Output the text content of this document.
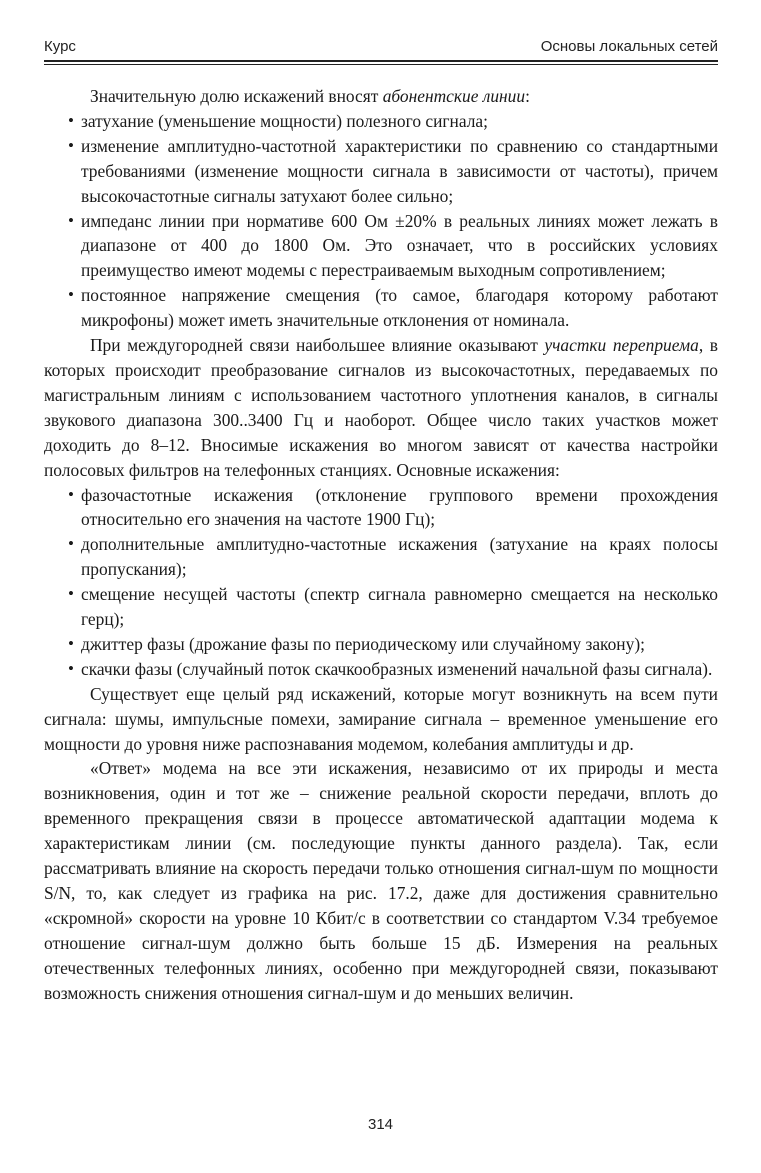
Курс	Основы локальных сетей

Значительную долю искажений вносят абонентские линии:

• затухание (уменьшение мощности) полезного сигнала;
• изменение амплитудно-частотной характеристики по сравнению со стандартными требованиями (изменение мощности сигнала в зависимости от частоты), причем высокочастотные сигналы затухают более сильно;
• импеданс линии при нормативе 600 Ом ±20% в реальных линиях может лежать в диапазоне от 400 до 1800 Ом. Это означает, что в российских условиях преимущество имеют модемы с перестраиваемым выходным сопротивлением;
• постоянное напряжение смещения (то самое, благодаря которому работают микрофоны) может иметь значительные отклонения от номинала.

При междугородней связи наибольшее влияние оказывают участки переприема, в которых происходит преобразование сигналов из высокочастотных, передаваемых по магистральным линиям с использованием частотного уплотнения каналов, в сигналы звукового диапазона 300..3400 Гц и наоборот. Общее число таких участков может доходить до 8–12. Вносимые искажения во многом зависят от качества настройки полосовых фильтров на телефонных станциях. Основные искажения:

• фазочастотные искажения (отклонение группового времени прохождения относительно его значения на частоте 1900 Гц);
• дополнительные амплитудно-частотные искажения (затухание на краях полосы пропускания);
• смещение несущей частоты (спектр сигнала равномерно смещается на несколько герц);
• джиттер фазы (дрожание фазы по периодическому или случайному закону);
• скачки фазы (случайный поток скачкообразных изменений начальной фазы сигнала).

Существует еще целый ряд искажений, которые могут возникнуть на всем пути сигнала: шумы, импульсные помехи, замирание сигнала – временное уменьшение его мощности до уровня ниже распознавания модемом, колебания амплитуды и др.

«Ответ» модема на все эти искажения, независимо от их природы и места возникновения, один и тот же – снижение реальной скорости передачи, вплоть до временного прекращения связи в процессе автоматической адаптации модема к характеристикам линии (см. последующие пункты данного раздела). Так, если рассматривать влияние на скорость передачи только отношения сигнал-шум по мощности S/N, то, как следует из графика на рис. 17.2, даже для достижения сравнительно «скромной» скорости на уровне 10 Кбит/с в соответствии со стандартом V.34 требуемое отношение сигнал-шум должно быть больше 15 дБ. Измерения на реальных отечественных телефонных линиях, особенно при междугородней связи, показывают возможность снижения отношения сигнал-шум и до меньших величин.

314
